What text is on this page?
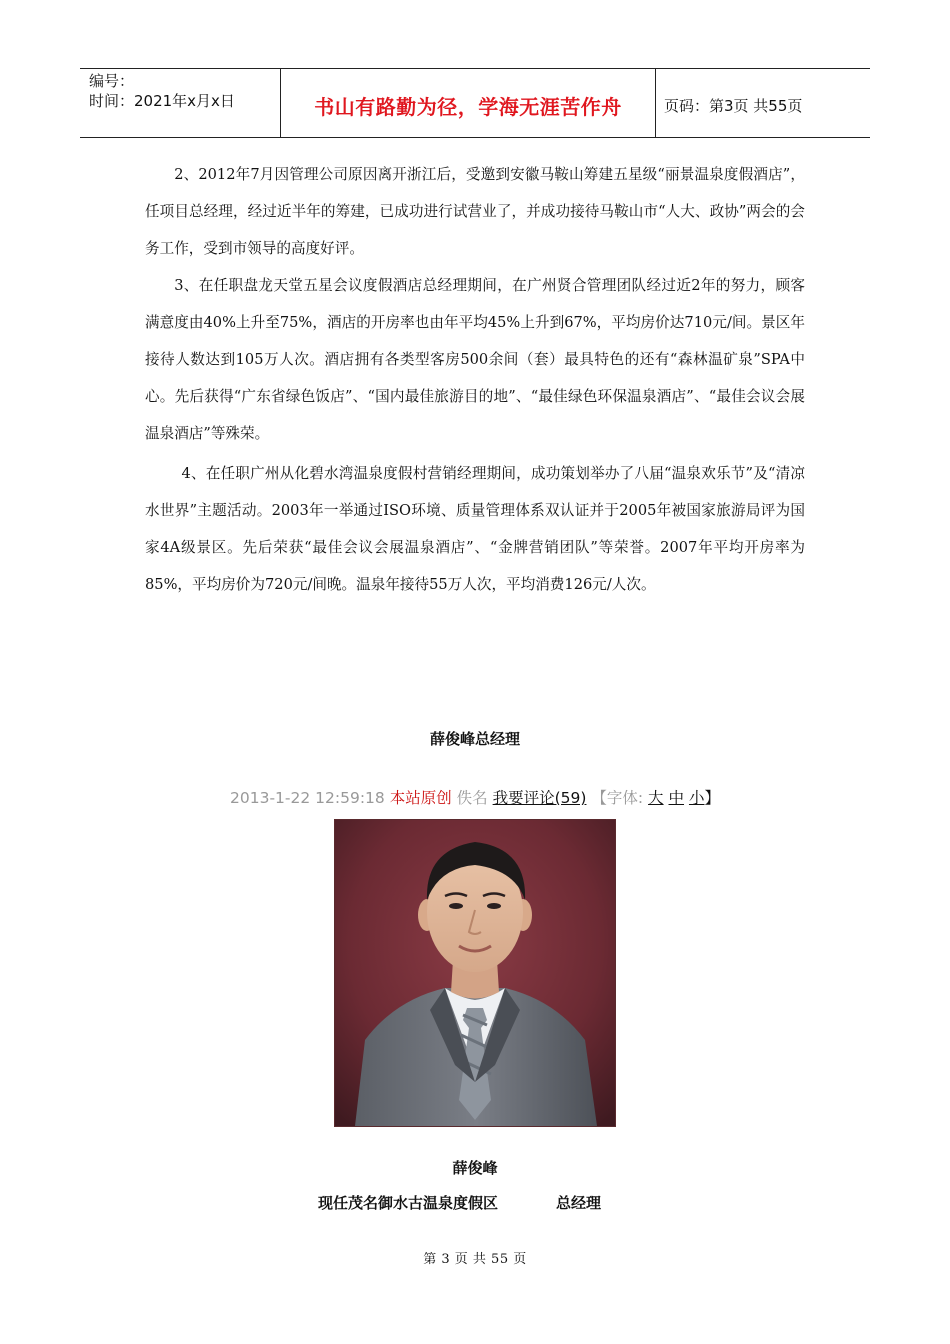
编号：
时间：2021年x月x日	书山有路勤为径，学海无涯苦作舟	页码：第3页 共55页

2、2012年7月因管理公司原因离开浙江后，受邀到安徽马鞍山筹建五星级“丽景温泉度假酒店”，任项目总经理，经过近半年的筹建，已成功进行试营业了，并成功接待马鞍山市“人大、政协”两会的会务工作，受到市领导的高度好评。

3、在任职盘龙天堂五星会议度假酒店总经理期间，在广州贤合管理团队经过近2年的努力，顾客满意度由40%上升至75%，酒店的开房率也由年平均45%上升到67%，平均房价达710元/间。景区年接待人数达到105万人次。酒店拥有各类型客房500余间（套）最具特色的还有“森林温矿泉”SPA中心。先后获得“广东省绿色饭店”、“国内最佳旅游目的地”、“最佳绿色环保温泉酒店”、“最佳会议会展温泉酒店”等殊荣。

4、在任职广州从化碧水湾温泉度假村营销经理期间，成功策划举办了八届“温泉欢乐节”及“清凉水世界”主题活动。2003年一举通过ISO环境、质量管理体系双认证并于2005年被国家旅游局评为国家4A级景区。先后荣获“最佳会议会展温泉酒店”、“金牌营销团队”等荣誉。2007年平均开房率为85%，平均房价为720元/间晚。温泉年接待55万人次，平均消费126元/人次。

薛俊峰总经理
2013-1-22 12:59:18 本站原创 佚名 我要评论(59) 【字体: 大 中 小】
薛俊峰
现任茂名御水古温泉度假区	总经理
第 3 页 共 55 页
